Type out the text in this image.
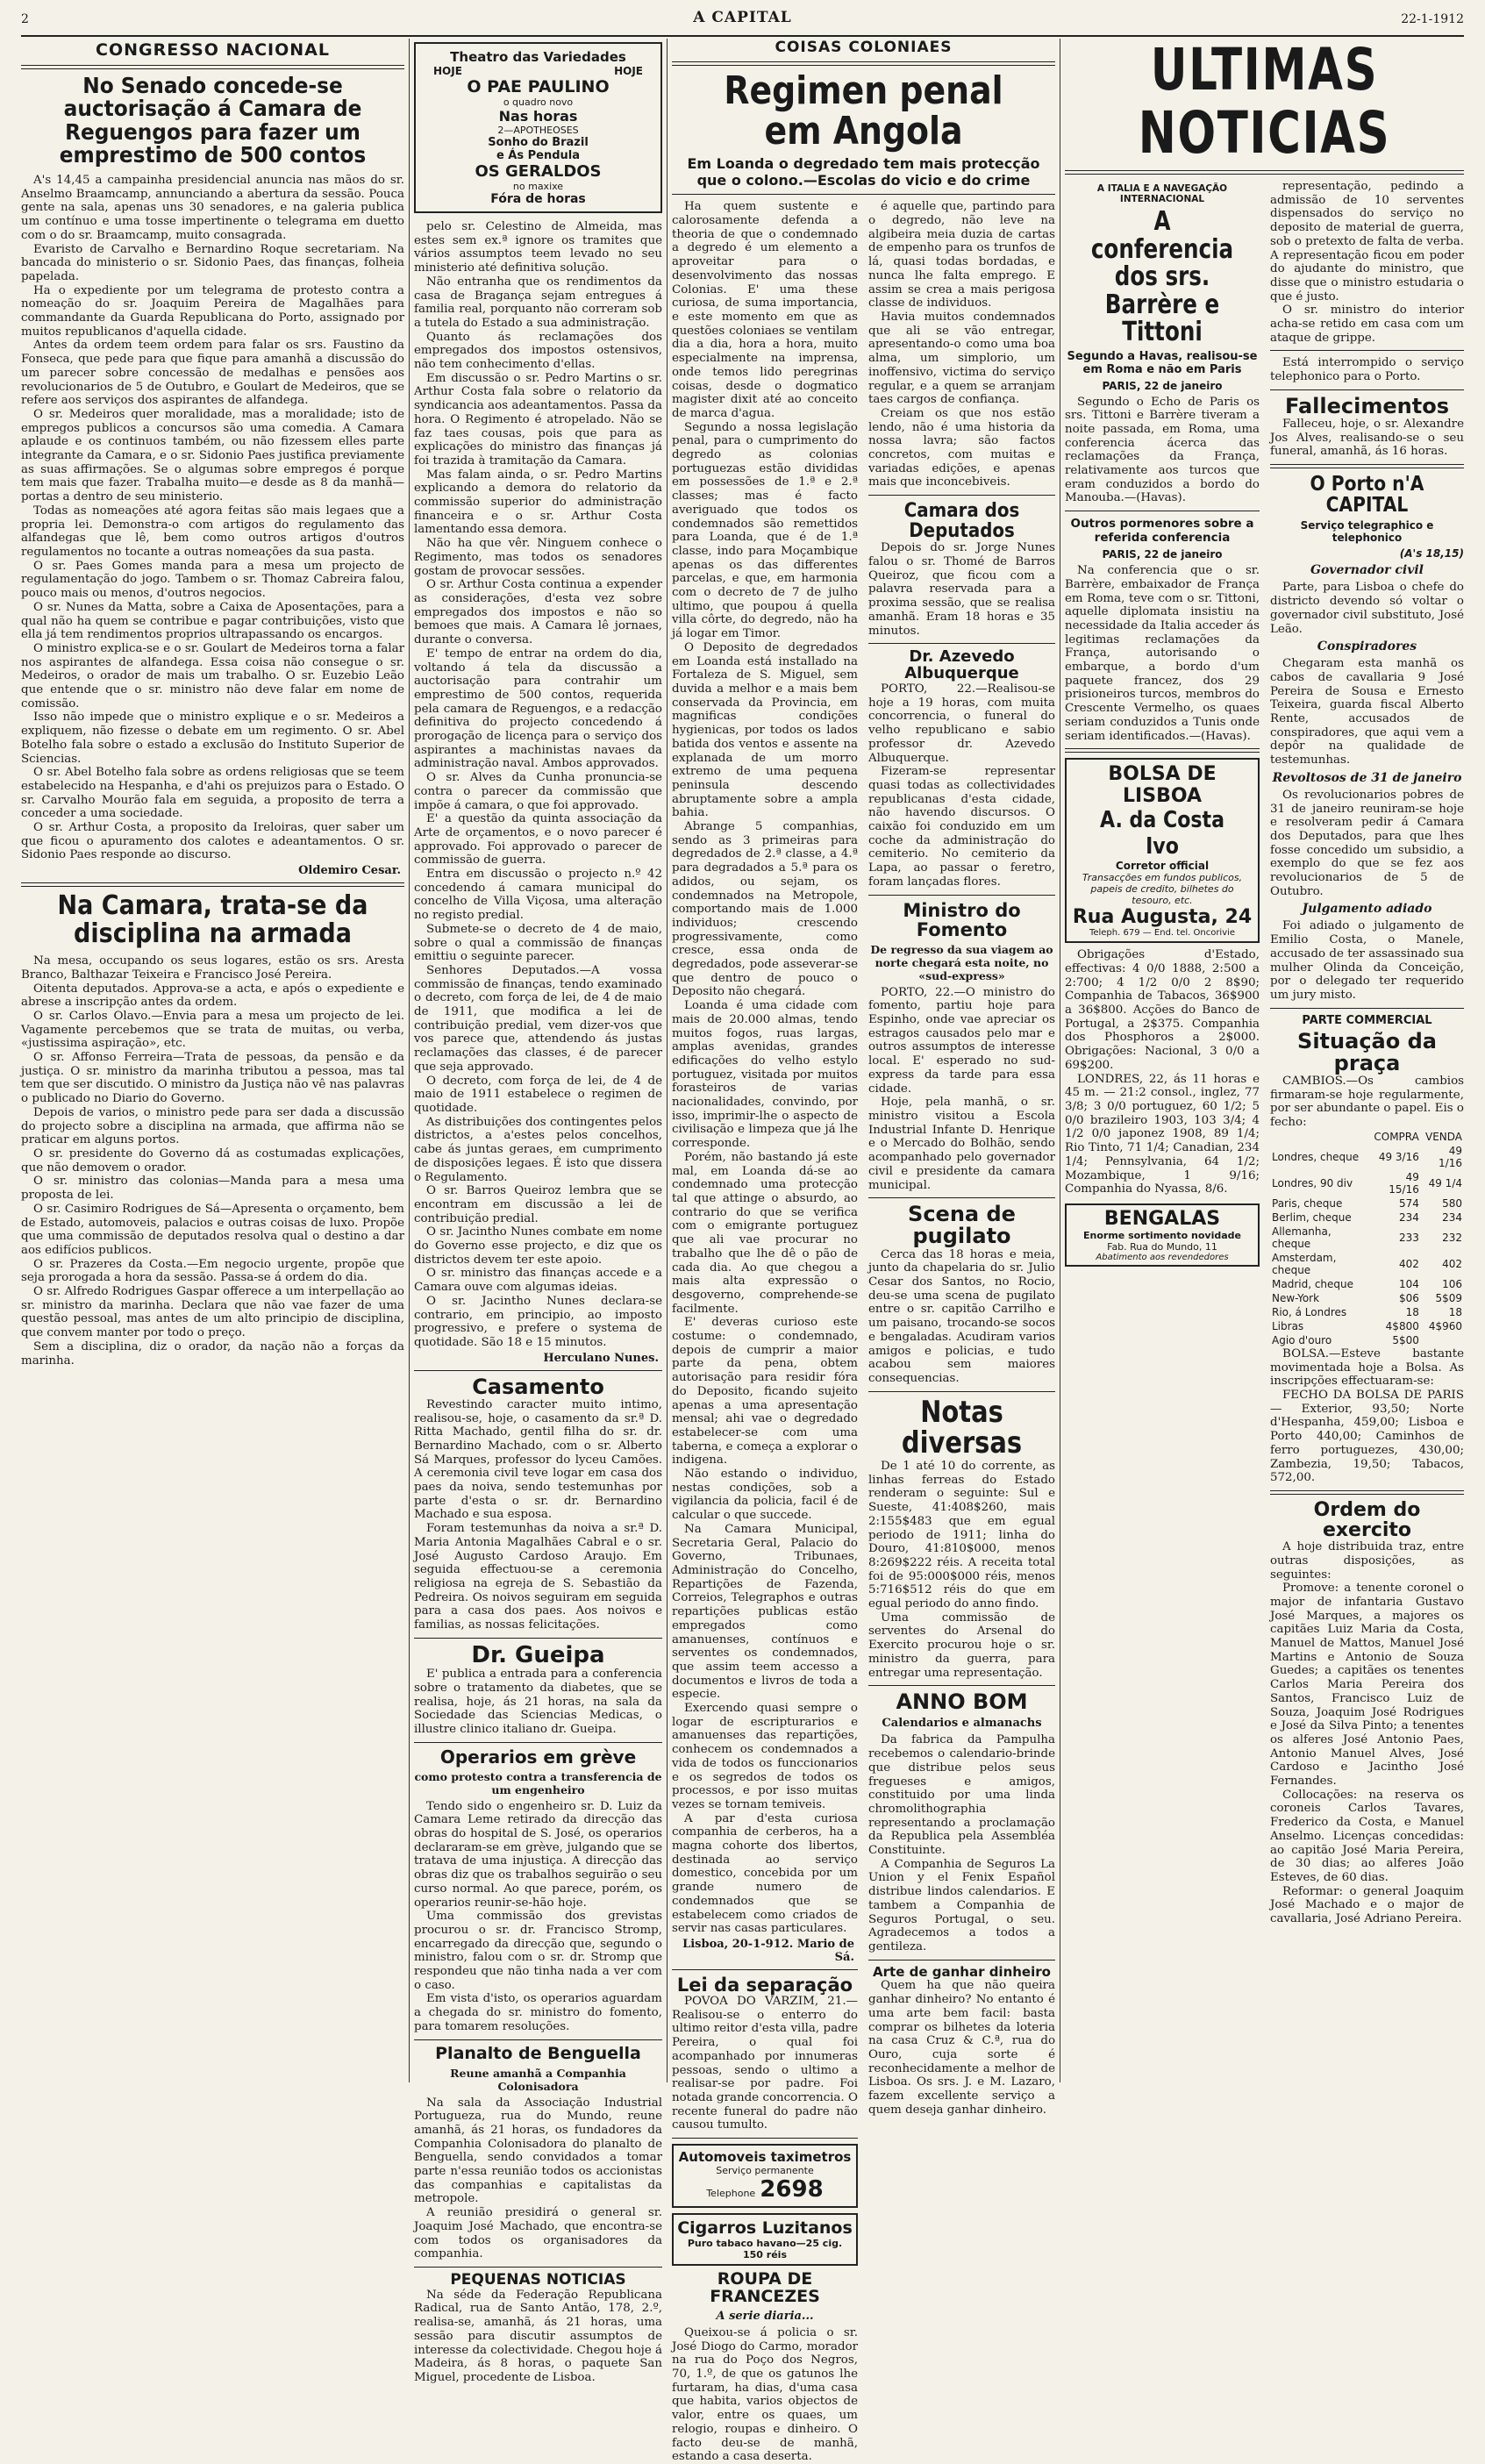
2	A CAPITAL	22-1-1912
CONGRESSO NACIONAL
No Senado concede-se auctorisação á Camara de Reguengos para fazer um emprestimo de 500 contos

A's 14,45 a campainha presidencial anuncia nas mãos do sr. Anselmo Braamcamp, annunciando a abertura da sessão. Pouca gente na sala, apenas uns 30 senadores, e na galeria publica um contínuo e uma tosse impertinente o telegrama em duetto com o do sr. Braamcamp, muito consagrada.

Evaristo de Carvalho e Bernardino Roque secretariam. Na bancada do ministerio o sr. Sidonio Paes, das finanças, folheia papelada.

Ha o expediente por um telegrama de protesto contra a nomeação do sr. Joaquim Pereira de Magalhães para commandante da Guarda Republicana do Porto, assignado por muitos republicanos d'aquella cidade.

Antes da ordem teem ordem para falar os srs. Faustino da Fonseca, que pede para que fique para amanhã a discussão do um parecer sobre concessão de medalhas e pensões aos revolucionarios de 5 de Outubro, e Goulart de Medeiros, que se refere aos serviços dos aspirantes de alfandega.

O sr. Medeiros quer moralidade, mas a moralidade; isto de empregos publicos a concursos são uma comedia. A Camara aplaude e os continuos também, ou não fizessem elles parte integrante da Camara, e o sr. Sidonio Paes justifica previamente as suas affirmações. Se o algumas sobre empregos é porque tem mais que fazer. Trabalha muito—e desde as 8 da manhã—portas a dentro de seu ministerio.

Todas as nomeações até agora feitas são mais legaes que a propria lei. Demonstra-o com artigos do regulamento das alfandegas que lê, bem como outros artigos d'outros regulamentos no tocante a outras nomeações da sua pasta.

O sr. Paes Gomes manda para a mesa um projecto de regulamentação do jogo. Tambem o sr. Thomaz Cabreira falou, pouco mais ou menos, d'outros negocios.

O sr. Nunes da Matta, sobre a Caixa de Aposentações, para a qual não ha quem se contribue e pagar contribuições, visto que ella já tem rendimentos proprios ultrapassando os encargos.

O ministro explica-se e o sr. Goulart de Medeiros torna a falar nos aspirantes de alfandega. Essa coisa não consegue o sr. Medeiros, o orador de mais um trabalho. O sr. Euzebio Leão que entende que o sr. ministro não deve falar em nome de comissão.

Isso não impede que o ministro explique e o sr. Medeiros a expliquem, não fizesse o debate em um regimento. O sr. Abel Botelho fala sobre o estado a exclusão do Instituto Superior de Sciencias.

O sr. Abel Botelho fala sobre as ordens religiosas que se teem estabelecido na Hespanha, e d'ahi os prejuizos para o Estado. O sr. Carvalho Mourão fala em seguida, a proposito de terra a conceder a uma sociedade.

O sr. Arthur Costa, a proposito da Ireloiras, quer saber um que ficou o apuramento dos calotes e adeantamentos. O sr. Sidonio Paes responde ao discurso.

Oldemiro Cesar.
Na Camara, trata-se da disciplina na armada

Na mesa, occupando os seus logares, estão os srs. Aresta Branco, Balthazar Teixeira e Francisco José Pereira.

Oitenta deputados. Approva-se a acta, e após o expediente e abrese a inscripção antes da ordem.

O sr. Carlos Olavo.—Envia para a mesa um projecto de lei. Vagamente percebemos que se trata de muitas, ou verba, «justissima aspiração», etc.

O sr. Affonso Ferreira—Trata de pessoas, da pensão e da justiça. O sr. ministro da marinha tributou a pessoa, mas tal tem que ser discutido. O ministro da Justiça não vê nas palavras o publicado no Diario do Governo.

Depois de varios, o ministro pede para ser dada a discussão do projecto sobre a disciplina na armada, que affirma não se praticar em alguns portos.

O sr. presidente do Governo dá as costumadas explicações, que não demovem o orador.

O sr. ministro das colonias—Manda para a mesa uma proposta de lei.

O sr. Casimiro Rodrigues de Sá—Apresenta o orçamento, bem de Estado, automoveis, palacios e outras coisas de luxo. Propõe que uma commissão de deputados resolva qual o destino a dar aos edifícios publicos.

O sr. Prazeres da Costa.—Em negocio urgente, propõe que seja prorogada a hora da sessão. Passa-se á ordem do dia.

O sr. Alfredo Rodrigues Gaspar offerece a um interpellação ao sr. ministro da marinha. Declara que não vae fazer de uma questão pessoal, mas antes de um alto principio de disciplina, que convem manter por todo o preço.

Sem a disciplina, diz o orador, da nação não a forças da marinha.

Theatro das Variedades
HOJE	HOJE
O PAE PAULINO
o quadro novo
Nas horas
2—APOTHEOSES
Sonho do Brazil
e Ás Pendula
OS GERALDOS
no maxixe
Fóra de horas

pelo sr. Celestino de Almeida, mas estes sem ex.ª ignore os tramites que vários assumptos teem levado no seu ministerio até definitiva solução.

Não entranha que os rendimentos da casa de Bragança sejam entregues á familia real, porquanto não correram sob a tutela do Estado a sua administração.

Quanto ás reclamações dos empregados dos impostos ostensivos, não tem conhecimento d'ellas.

Em discussão o sr. Pedro Martins o sr. Arthur Costa fala sobre o relatorio da syndicancia aos adeantamentos. Passa da hora. O Regimento é atropelado. Não se faz taes cousas, pois que para as explicações do ministro das finanças já foi trazida à tramitação da Camara.

Mas falam ainda, o sr. Pedro Martins explicando a demora do relatorio da commissão superior do administração financeira e o sr. Arthur Costa lamentando essa demora.

Não ha que vêr. Ninguem conhece o Regimento, mas todos os senadores gostam de provocar sessões.

O sr. Arthur Costa continua a expender as considerações, d'esta vez sobre empregados dos impostos e não so bemoes que mais. A Camara lê jornaes, durante o conversa.

E' tempo de entrar na ordem do dia, voltando á tela da discussão a auctorisação para contrahir um emprestimo de 500 contos, requerida pela camara de Reguengos, e a redacção definitiva do projecto concedendo á prorogação de licença para o serviço dos aspirantes a machinistas navaes da administração naval. Ambos approvados.

O sr. Alves da Cunha pronuncia-se contra o parecer da commissão que impõe á camara, o que foi approvado.

E' a questão da quinta associação da Arte de orçamentos, e o novo parecer é approvado. Foi approvado o parecer de commissão de guerra.

Entra em discussão o projecto n.º 42 concedendo á camara municipal do concelho de Villa Viçosa, uma alteração no registo predial.

Submete-se o decreto de 4 de maio, sobre o qual a commissão de finanças emittiu o seguinte parecer.

Senhores Deputados.—A vossa commissão de finanças, tendo examinado o decreto, com força de lei, de 4 de maio de 1911, que modifica a lei de contribuição predial, vem dizer-vos que vos parece que, attendendo ás justas reclamações das classes, é de parecer que seja approvado.

O decreto, com força de lei, de 4 de maio de 1911 estabelece o regimen de quotidade.

As distribuições dos contingentes pelos districtos, a a'estes pelos concelhos, cabe ás juntas geraes, em cumprimento de disposições legaes. É isto que dissera o Regulamento.

O sr. Barros Queiroz lembra que se encontram em discussão a lei de contribuição predial.

O sr. Jacintho Nunes combate em nome do Governo esse projecto, e diz que os districtos devem ter este apoio.

O sr. ministro das finanças accede e a Camara ouve com algumas ideias.

O sr. Jacintho Nunes declara-se contrario, em principio, ao imposto progressivo, e prefere o systema de quotidade. São 18 e 15 minutos.

Herculano Nunes.
Casamento

Revestindo caracter muito intimo, realisou-se, hoje, o casamento da sr.ª D. Ritta Machado, gentil filha do sr. dr. Bernardino Machado, com o sr. Alberto Sá Marques, professor do lyceu Camões. A ceremonia civil teve logar em casa dos paes da noiva, sendo testemunhas por parte d'esta o sr. dr. Bernardino Machado e sua esposa.

Foram testemunhas da noiva a sr.ª D. Maria Antonia Magalhães Cabral e o sr. José Augusto Cardoso Araujo. Em seguida effectuou-se a ceremonia religiosa na egreja de S. Sebastião da Pedreira. Os noivos seguiram em seguida para a casa dos paes. Aos noivos e familias, as nossas felicitações.

Dr. Gueipa

E' publica a entrada para a conferencia sobre o tratamento da diabetes, que se realisa, hoje, ás 21 horas, na sala da Sociedade das Sciencias Medicas, o illustre clinico italiano dr. Gueipa.

Operarios em grève
como protesto contra a transferencia de um engenheiro

Tendo sido o engenheiro sr. D. Luiz da Camara Leme retirado da direcção das obras do hospital de S. José, os operarios declararam-se em grève, julgando que se tratava de uma injustiça. A direcção das obras diz que os trabalhos seguirão o seu curso normal. Ao que parece, porém, os operarios reunir-se-hão hoje.

Uma commissão dos grevistas procurou o sr. dr. Francisco Stromp, encarregado da direcção que, segundo o ministro, falou com o sr. dr. Stromp que respondeu que não tinha nada a ver com o caso.

Em vista d'isto, os operarios aguardam a chegada do sr. ministro do fomento, para tomarem resoluções.

Planalto de Benguella
Reune amanhã a Companhia Colonisadora

Na sala da Associação Industrial Portugueza, rua do Mundo, reune amanhã, ás 21 horas, os fundadores da Companhia Colonisadora do planalto de Benguella, sendo convidados a tomar parte n'essa reunião todos os accionistas das companhias e capitalistas da metropole.

A reunião presidirá o general sr. Joaquim José Machado, que encontra-se com todos os organisadores da companhia.

PEQUENAS NOTICIAS

Na séde da Federação Republicana Radical, rua de Santo Antão, 178, 2.º, realisa-se, amanhã, ás 21 horas, uma sessão para discutir assumptos de interesse da colectividade. Chegou hoje á Madeira, ás 8 horas, o paquete San Miguel, procedente de Lisboa.

COISAS COLONIAES
Regimen penal em Angola
Em Loanda o degredado tem mais protecção que o colono.—Escolas do vicio e do crime

Ha quem sustente e calorosamente defenda a theoria de que o condemnado a degredo é um elemento a aproveitar para o desenvolvimento das nossas Colonias. E' uma these curiosa, de suma importancia, e este momento em que as questões coloniaes se ventilam dia a dia, hora a hora, muito especialmente na imprensa, onde temos lido peregrinas coisas, desde o dogmatico magister dixit até ao conceito de marca d'agua.

Segundo a nossa legislação penal, para o cumprimento do degredo as colonias portuguezas estão divididas em possessões de 1.ª e 2.ª classes; mas é facto averiguado que todos os condemnados são remettidos para Loanda, que é de 1.ª classe, indo para Moçambique apenas os das differentes parcelas, e que, em harmonia com o decreto de 7 de julho ultimo, que poupou á quella villa côrte, do degredo, não ha já logar em Timor.

O Deposito de degredados em Loanda está installado na Fortaleza de S. Miguel, sem duvida a melhor e a mais bem conservada da Provincia, em magnificas condições hygienicas, por todos os lados batida dos ventos e assente na explanada de um morro extremo de uma pequena peninsula descendo abruptamente sobre a ampla bahia.

Abrange 5 companhias, sendo as 3 primeiras para degredados de 2.ª classe, a 4.ª para degradados a 5.ª para os adidos, ou sejam, os condemnados na Metropole, comportando mais de 1.000 individuos; crescendo progressivamente, como cresce, essa onda de degredados, pode asseverar-se que dentro de pouco o Deposito não chegará.

Loanda é uma cidade com mais de 20.000 almas, tendo muitos fogos, ruas largas, amplas avenidas, grandes edificações do velho estylo portuguez, visitada por muitos forasteiros de varias nacionalidades, convindo, por isso, imprimir-lhe o aspecto de civilisação e limpeza que já lhe corresponde.

Porém, não bastando já este mal, em Loanda dá-se ao condemnado uma protecção tal que attinge o absurdo, ao contrario do que se verifica com o emigrante portuguez que ali vae procurar no trabalho que lhe dê o pão de cada dia. Ao que chegou a mais alta expressão o desgoverno, comprehende-se facilmente.

E' deveras curioso este costume: o condemnado, depois de cumprir a maior parte da pena, obtem autorisação para residir fóra do Deposito, ficando sujeito apenas a uma apresentação mensal; ahi vae o degredado estabelecer-se com uma taberna, e começa a explorar o indigena.

Não estando o individuo, nestas condições, sob a vigilancia da policia, facil é de calcular o que succede.

Na Camara Municipal, Secretaria Geral, Palacio do Governo, Tribunaes, Administração do Concelho, Repartições de Fazenda, Correios, Telegraphos e outras repartições publicas estão empregados como amanuenses, contínuos e serventes os condemnados, que assim teem accesso a documentos e livros de toda a especie.

Exercendo quasi sempre o logar de escripturarios e amanuenses das repartições, conhecem os condemnados a vida de todos os funccionarios e os segredos de todos os processos, e por isso muitas vezes se tornam temiveis.

A par d'esta curiosa companhia de cerberos, ha a magna cohorte dos libertos, destinada ao serviço domestico, concebida por um grande numero de condemnados que se estabelecem como criados de servir nas casas particulares.

Lisboa, 20-1-912. Mario de Sá.
Lei da separação

POVOA DO VARZIM, 21.—Realisou-se o enterro do ultimo reitor d'esta villa, padre Pereira, o qual foi acompanhado por innumeras pessoas, sendo o ultimo a realisar-se por padre. Foi notada grande concorrencia. O recente funeral do padre não causou tumulto.

Automoveis taximetros
Serviço permanente
Telephone 2698
Cigarros Luzitanos
Puro tabaco havano—25 cig. 150 réis
ROUPA DE FRANCEZES
A serie diaria...

Queixou-se á policia o sr. José Diogo do Carmo, morador na rua do Poço dos Negros, 70, 1.º, de que os gatunos lhe furtaram, ha dias, d'uma casa que habita, varios objectos de valor, entre os quaes, um relogio, roupas e dinheiro. O facto deu-se de manhã, estando a casa deserta.

é aquelle que, partindo para o degredo, não leve na algibeira meia duzia de cartas de empenho para os trunfos de lá, quasi todas bordadas, e nunca lhe falta emprego. E assim se crea a mais perigosa classe de individuos.

Havia muitos condemnados que ali se vão entregar, apresentando-o como uma boa alma, um simplorio, um inoffensivo, victima do serviço regular, e a quem se arranjam taes cargos de confiança.

Creiam os que nos estão lendo, não é uma historia da nossa lavra; são factos concretos, com muitas e variadas edições, e apenas mais que inconcebiveis.

Camara dos Deputados

Depois do sr. Jorge Nunes falou o sr. Thomé de Barros Queiroz, que ficou com a palavra reservada para a proxima sessão, que se realisa amanhã. Eram 18 horas e 35 minutos.

Dr. Azevedo Albuquerque

PORTO, 22.—Realisou-se hoje a 19 horas, com muita concorrencia, o funeral do velho republicano e sabio professor dr. Azevedo Albuquerque.

Fizeram-se representar quasi todas as collectividades republicanas d'esta cidade, não havendo discursos. O caixão foi conduzido em um coche da administração do cemiterio. No cemiterio da Lapa, ao passar o feretro, foram lançadas flores.

Ministro do Fomento
De regresso da sua viagem ao norte chegará esta noite, no «sud-express»

PORTO, 22.—O ministro do fomento, partiu hoje para Espinho, onde vae apreciar os estragos causados pelo mar e outros assumptos de interesse local. E' esperado no sud-express da tarde para essa cidade.

Hoje, pela manhã, o sr. ministro visitou a Escola Industrial Infante D. Henrique e o Mercado do Bolhão, sendo acompanhado pelo governador civil e presidente da camara municipal.

Scena de pugilato

Cerca das 18 horas e meia, junto da chapelaria do sr. Julio Cesar dos Santos, no Rocio, deu-se uma scena de pugilato entre o sr. capitão Carrilho e um paisano, trocando-se socos e bengaladas. Acudiram varios amigos e policias, e tudo acabou sem maiores consequencias.

Notas diversas

De 1 até 10 do corrente, as linhas ferreas do Estado renderam o seguinte: Sul e Sueste, 41:408$260, mais 2:155$483 que em egual periodo de 1911; linha do Douro, 41:810$000, menos 8:269$222 réis. A receita total foi de 95:000$000 réis, menos 5:716$512 réis do que em egual periodo do anno findo.

Uma commissão de serventes do Arsenal do Exercito procurou hoje o sr. ministro da guerra, para entregar uma representação.

ANNO BOM
Calendarios e almanachs

Da fabrica da Pampulha recebemos o calendario-brinde que distribue pelos seus fregueses e amigos, constituido por uma linda chromolithographia representando a proclamação da Republica pela Assembléa Constituinte.

A Companhia de Seguros La Union y el Fenix Español distribue lindos calendarios. E tambem a Companhia de Seguros Portugal, o seu. Agradecemos a todos a gentileza.

Arte de ganhar dinheiro

Quem ha que não queira ganhar dinheiro? No entanto é uma arte bem facil: basta comprar os bilhetes da loteria na casa Cruz & C.ª, rua do Ouro, cuja sorte é reconhecidamente a melhor de Lisboa. Os srs. J. e M. Lazaro, fazem excellente serviço a quem deseja ganhar dinheiro.

ULTIMAS NOTICIAS
A ITALIA E A NAVEGAÇÃO INTERNACIONAL
A conferencia dos srs. Barrère e Tittoni
Segundo a Havas, realisou-se em Roma e não em Paris
PARIS, 22 de janeiro

Segundo o Echo de Paris os srs. Tittoni e Barrère tiveram a noite passada, em Roma, uma conferencia ácerca das reclamações da França, relativamente aos turcos que eram conduzidos a bordo do Manouba.—(Havas).

Outros pormenores sobre a referida conferencia
PARIS, 22 de janeiro

Na conferencia que o sr. Barrère, embaixador de França em Roma, teve com o sr. Tittoni, aquelle diplomata insistiu na necessidade da Italia acceder ás legitimas reclamações da França, autorisando o embarque, a bordo d'um paquete francez, dos 29 prisioneiros turcos, membros do Crescente Vermelho, os quaes seriam conduzidos a Tunis onde seriam identificados.—(Havas).

BOLSA DE LISBOA
A. da Costa Ivo
Corretor official
Transacções em fundos publicos, papeis de credito, bilhetes do tesouro, etc.
Rua Augusta, 24
Teleph. 679 — End. tel. Oncorivie

Obrigações d'Estado, effectivas: 4 0/0 1888, 2:500 a 2:700; 4 1/2 0/0 2 8$90; Companhia de Tabacos, 36$900 a 36$800. Acções do Banco de Portugal, a 2$375. Companhia dos Phosphoros a 2$000. Obrigações: Nacional, 3 0/0 a 69$200.

LONDRES, 22, ás 11 horas e 45 m. — 21:2 consol., inglez, 77 3/8; 3 0/0 portuguez, 60 1/2; 5 0/0 brazileiro 1903, 103 3/4; 4 1/2 0/0 japonez 1908, 89 1/4; Rio Tinto, 71 1/4; Canadian, 234 1/4; Pennsylvania, 64 1/2; Mozambique, 1 9/16; Companhia do Nyassa, 8/6.

BENGALAS
Enorme sortimento novidade
Fab. Rua do Mundo, 11
Abatimento aos revendedores

representação, pedindo a admissão de 10 serventes dispensados do serviço no deposito de material de guerra, sob o pretexto de falta de verba. A representação ficou em poder do ajudante do ministro, que disse que o ministro estudaria o que é justo.

O sr. ministro do interior acha-se retido em casa com um ataque de grippe.

Está interrompido o serviço telephonico para o Porto.

Fallecimentos

Falleceu, hoje, o sr. Alexandre Jos Alves, realisando-se o seu funeral, amanhã, ás 16 horas.

O Porto n'A CAPITAL
Serviço telegraphico e telephonico
(A's 18,15)
Governador civil

Parte, para Lisboa o chefe do districto devendo só voltar o governador civil substituto, José Leão.

Conspiradores

Chegaram esta manhã os cabos de cavallaria 9 José Pereira de Sousa e Ernesto Teixeira, guarda fiscal Alberto Rente, accusados de conspiradores, que aqui vem a depôr na qualidade de testemunhas.

Revoltosos de 31 de janeiro

Os revolucionarios pobres de 31 de janeiro reuniram-se hoje e resolveram pedir á Camara dos Deputados, para que lhes fosse concedido um subsidio, a exemplo do que se fez aos revolucionarios de 5 de Outubro.

Julgamento adiado

Foi adiado o julgamento de Emilio Costa, o Manele, accusado de ter assassinado sua mulher Olinda da Conceição, por o delegado ter requerido um jury misto.

PARTE COMMERCIAL
Situação da praça

CAMBIOS.—Os cambios firmaram-se hoje regularmente, por ser abundante o papel. Eis o fecho:

	COMPRA	VENDA
Londres, cheque	49 3/16	49 1/16
Londres, 90 div	49 15/16	49 1/4
Paris, cheque	574	580
Berlim, cheque	234	234
Allemanha, cheque	233	232
Amsterdam, cheque	402	402
Madrid, cheque	104	106
New-York	$06	5$09
Rio, á Londres	18	18
Libras	4$800	4$960
Agio d'ouro	5$00	

BOLSA.—Esteve bastante movimentada hoje a Bolsa. As inscripções effectuaram-se:

FECHO DA BOLSA DE PARIS — Exterior, 93,50; Norte d'Hespanha, 459,00; Lisboa e Porto 440,00; Caminhos de ferro portuguezes, 430,00; Zambezia, 19,50; Tabacos, 572,00.

Ordem do exercito

A hoje distribuida traz, entre outras disposições, as seguintes:

Promove: a tenente coronel o major de infantaria Gustavo José Marques, a majores os capitães Luiz Maria da Costa, Manuel de Mattos, Manuel José Martins e Antonio de Souza Guedes; a capitães os tenentes Carlos Maria Pereira dos Santos, Francisco Luiz de Souza, Joaquim José Rodrigues e José da Silva Pinto; a tenentes os alferes José Antonio Paes, Antonio Manuel Alves, José Cardoso e Jacintho José Fernandes.

Collocações: na reserva os coroneis Carlos Tavares, Frederico da Costa, e Manuel Anselmo. Licenças concedidas: ao capitão José Maria Pereira, de 30 dias; ao alferes João Esteves, de 60 dias.

Reformar: o general Joaquim José Machado e o major de cavallaria, José Adriano Pereira.
